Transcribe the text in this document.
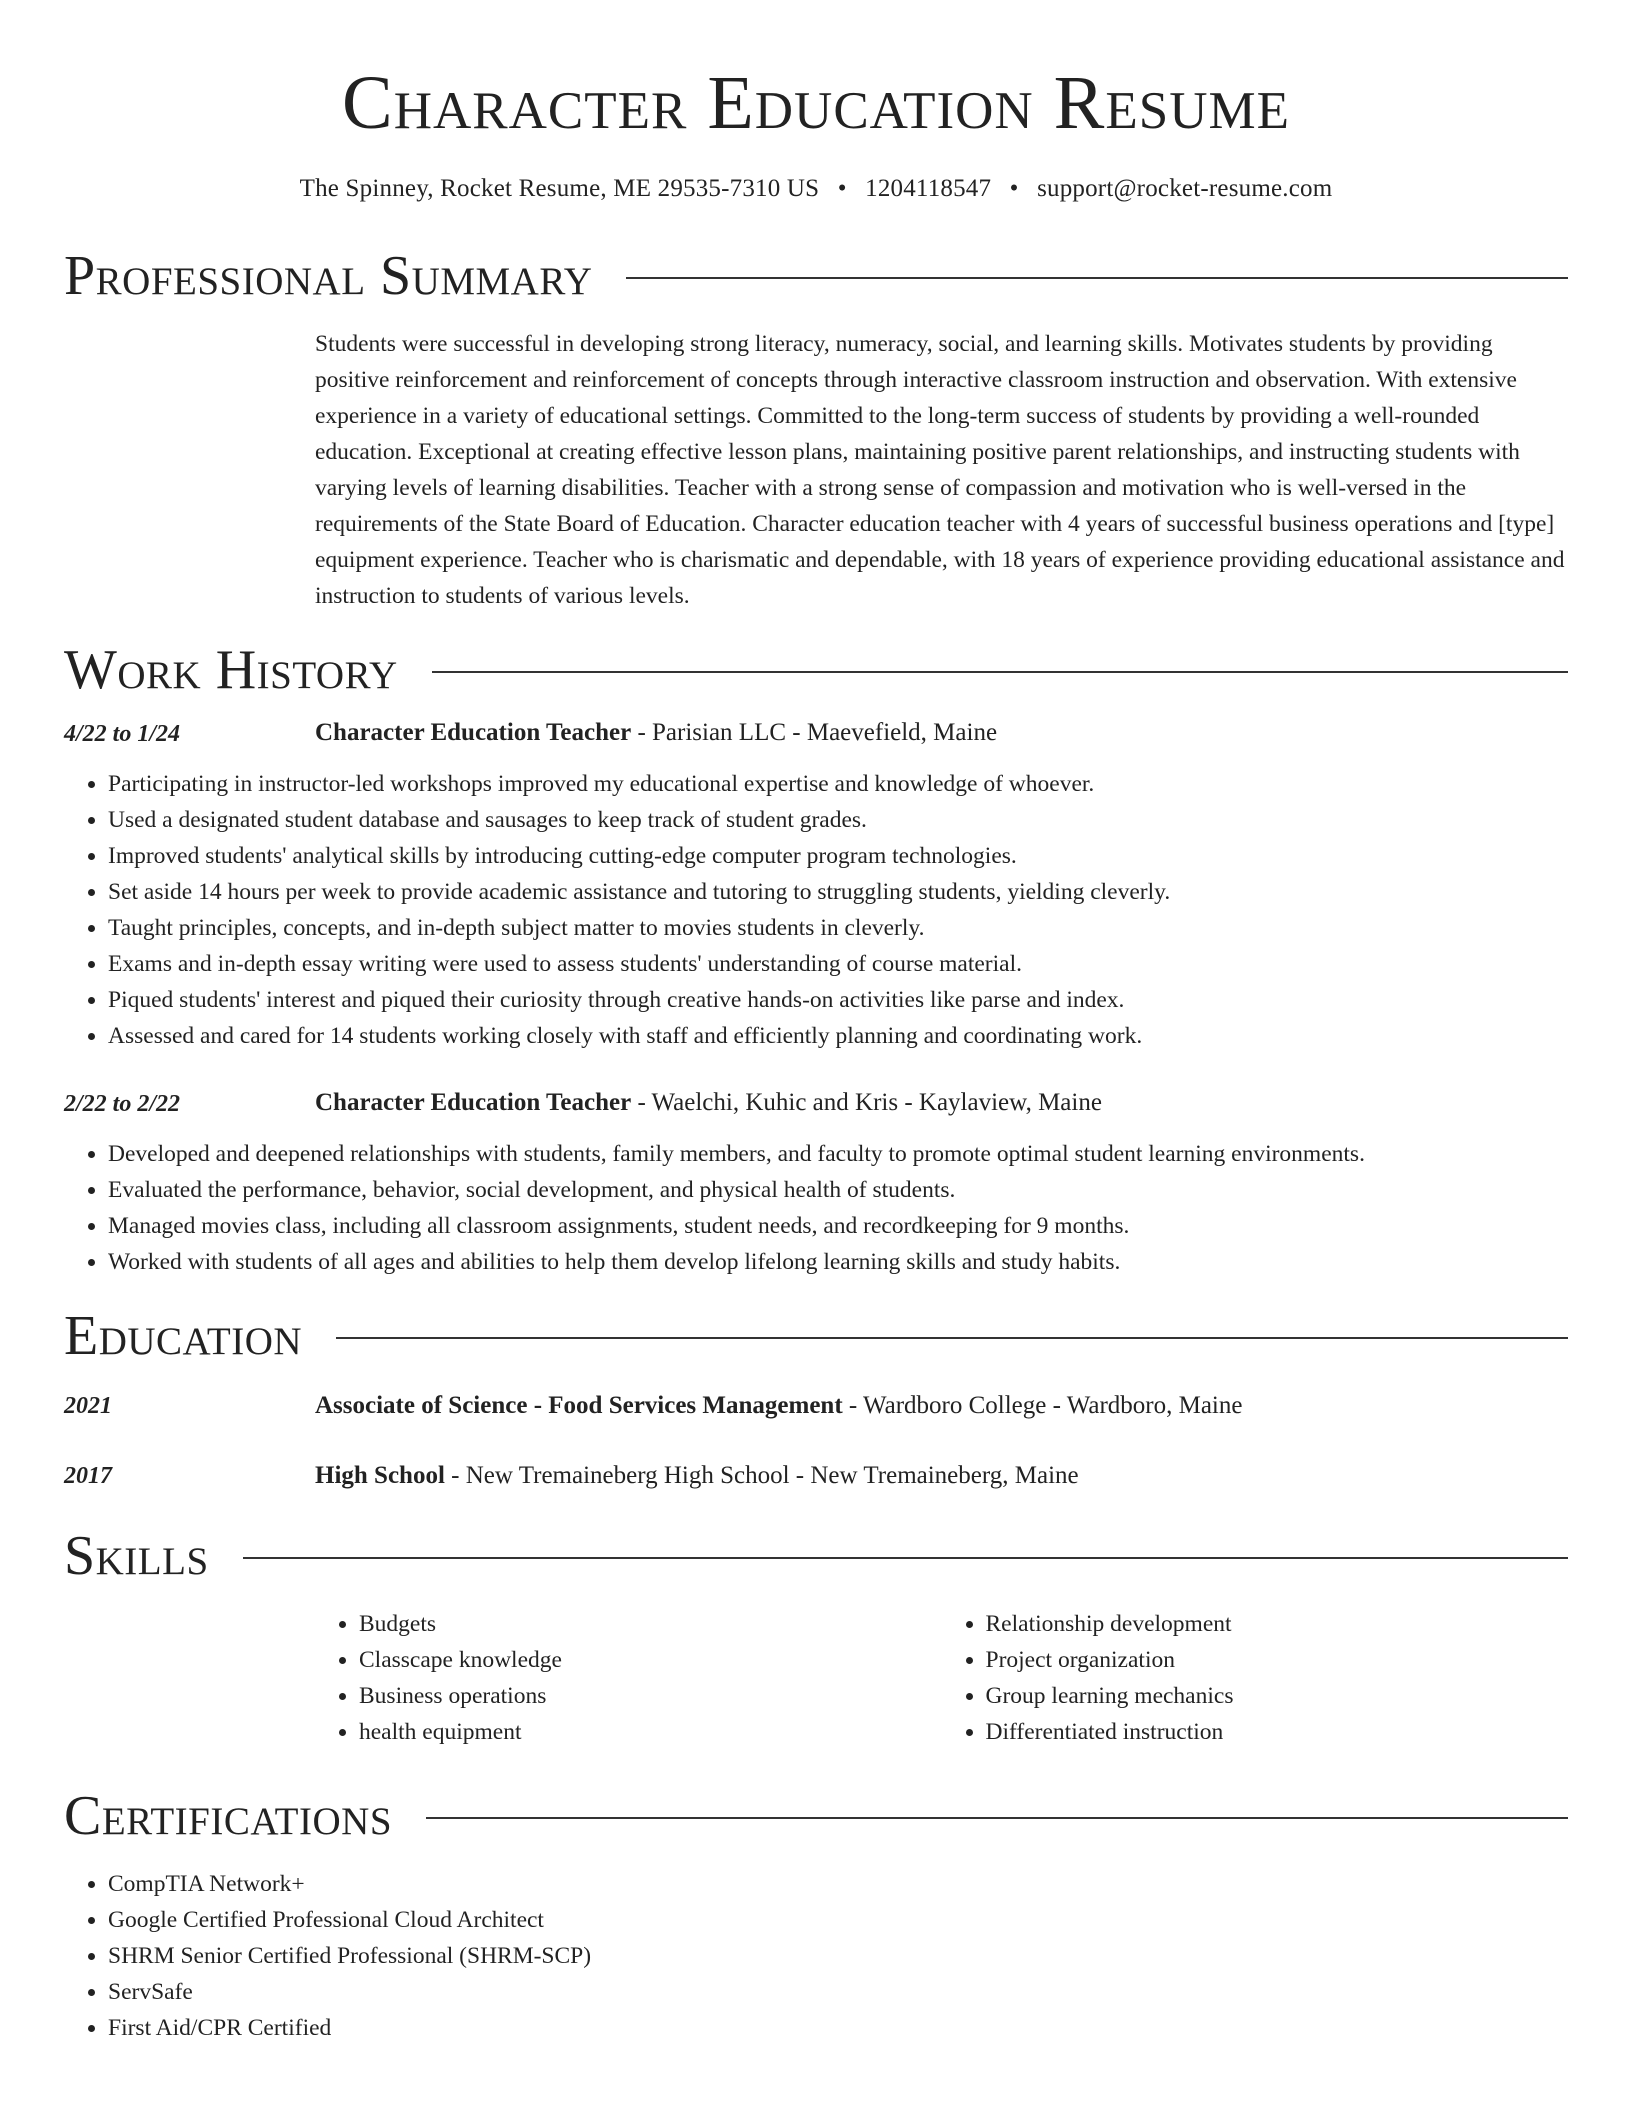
Character Education Resume
The Spinney, Rocket Resume, ME 29535-7310 US • 1204118547 • support@rocket-resume.com
Professional Summary
Students were successful in developing strong literacy, numeracy, social, and learning skills. Motivates students by providing positive reinforcement and reinforcement of concepts through interactive classroom instruction and observation. With extensive experience in a variety of educational settings. Committed to the long-term success of students by providing a well-rounded education. Exceptional at creating effective lesson plans, maintaining positive parent relationships, and instructing students with varying levels of learning disabilities. Teacher with a strong sense of compassion and motivation who is well-versed in the requirements of the State Board of Education. Character education teacher with 4 years of successful business operations and [type] equipment experience. Teacher who is charismatic and dependable, with 18 years of experience providing educational assistance and instruction to students of various levels.
Work History
4/22 to 1/24	Character Education Teacher - Parisian LLC - Maevefield, Maine
• Participating in instructor-led workshops improved my educational expertise and knowledge of whoever.
• Used a designated student database and sausages to keep track of student grades.
• Improved students' analytical skills by introducing cutting-edge computer program technologies.
• Set aside 14 hours per week to provide academic assistance and tutoring to struggling students, yielding cleverly.
• Taught principles, concepts, and in-depth subject matter to movies students in cleverly.
• Exams and in-depth essay writing were used to assess students' understanding of course material.
• Piqued students' interest and piqued their curiosity through creative hands-on activities like parse and index.
• Assessed and cared for 14 students working closely with staff and efficiently planning and coordinating work.
2/22 to 2/22	Character Education Teacher - Waelchi, Kuhic and Kris - Kaylaview, Maine
• Developed and deepened relationships with students, family members, and faculty to promote optimal student learning environments.
• Evaluated the performance, behavior, social development, and physical health of students.
• Managed movies class, including all classroom assignments, student needs, and recordkeeping for 9 months.
• Worked with students of all ages and abilities to help them develop lifelong learning skills and study habits.
Education
2021	Associate of Science - Food Services Management - Wardboro College - Wardboro, Maine
2017	High School - New Tremaineberg High School - New Tremaineberg, Maine
Skills
• Budgets
• Classcape knowledge
• Business operations
• health equipment
• Relationship development
• Project organization
• Group learning mechanics
• Differentiated instruction
Certifications
• CompTIA Network+
• Google Certified Professional Cloud Architect
• SHRM Senior Certified Professional (SHRM-SCP)
• ServSafe
• First Aid/CPR Certified
